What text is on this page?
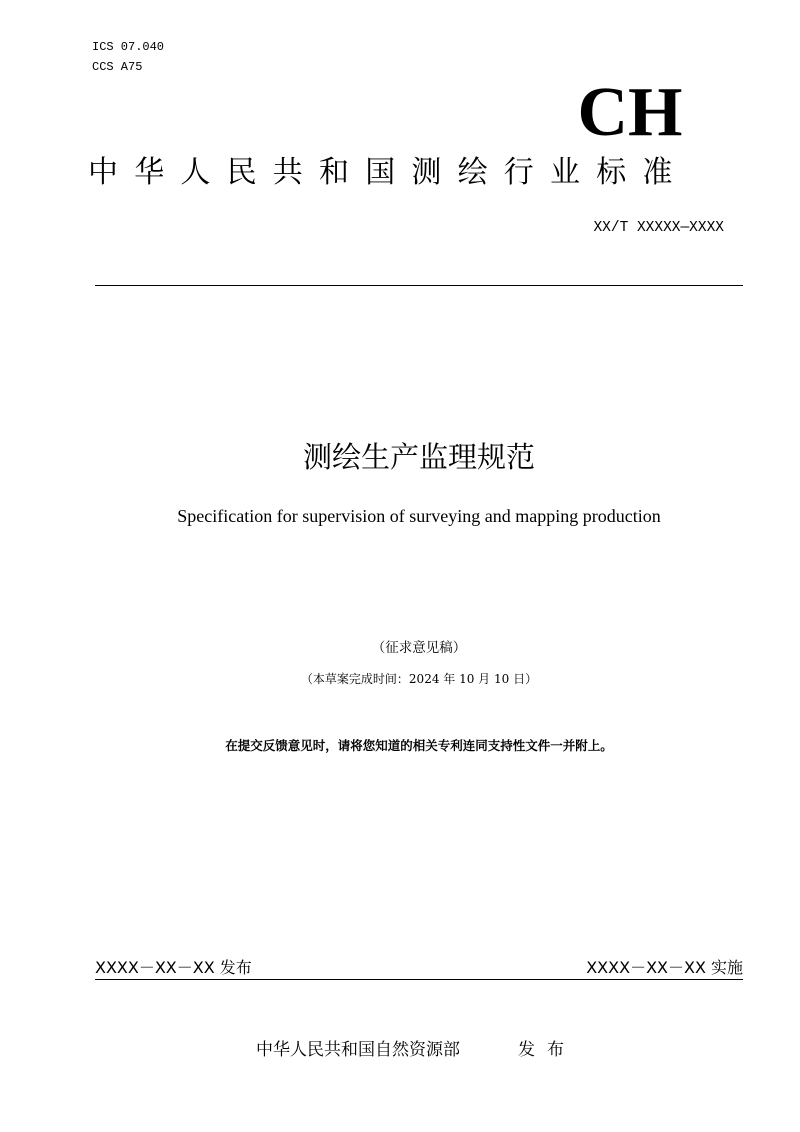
ICS 07.040
CCS A75
CH
中华人民共和国测绘行业标准
XX/T XXXXX—XXXX
测绘生产监理规范
Specification for supervision of surveying and mapping production
（征求意见稿）
（本草案完成时间：2024 年 10 月 10 日）
在提交反馈意见时，请将您知道的相关专利连同支持性文件一并附上。
XXXX－XX－XX 发布	XXXX－XX－XX 实施
中华人民共和国自然资源部	发布
